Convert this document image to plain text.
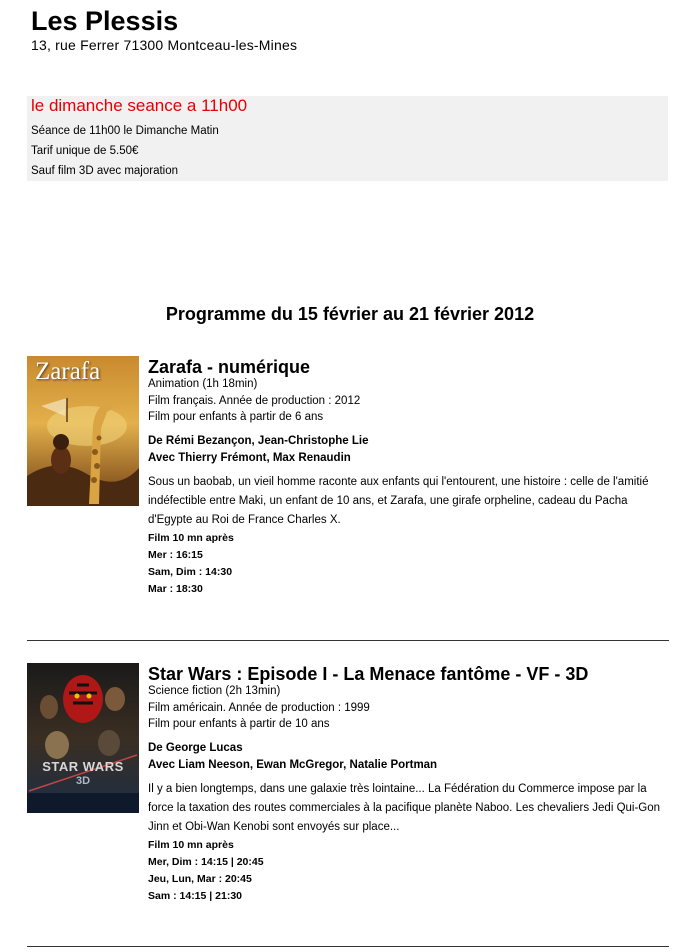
Les Plessis

13, rue Ferrer 71300 Montceau-les-Mines

le dimanche seance a 11h00
Séance de 11h00 le Dimanche Matin
Tarif unique de 5.50€
Sauf film 3D avec majoration
Programme du 15 février au 21 février 2012
Zarafa	Zarafa - numérique
Animation (1h 18min)
Film français. Année de production : 2012
Film pour enfants à partir de 6 ans
De Rémi Bezançon, Jean-Christophe Lie
Avec Thierry Frémont, Max Renaudin
Sous un baobab, un vieil homme raconte aux enfants qui l'entourent, une histoire : celle de l'amitié indéfectible entre Maki, un enfant de 10 ans, et Zarafa, une girafe orpheline, cadeau du Pacha d'Egypte au Roi de France Charles X.
Film 10 mn après
Mer : 16:15
Sam, Dim : 14:30
Mar : 18:30
STAR WARS
3D
Star Wars : Episode I - La Menace fantôme - VF - 3D
Science fiction (2h 13min)
Film américain. Année de production : 1999
Film pour enfants à partir de 10 ans
De George Lucas
Avec Liam Neeson, Ewan McGregor, Natalie Portman
Il y a bien longtemps, dans une galaxie très lointaine... La Fédération du Commerce impose par la force la taxation des routes commerciales à la pacifique planète Naboo. Les chevaliers Jedi Qui-Gon Jinn et Obi-Wan Kenobi sont envoyés sur place...
Film 10 mn après
Mer, Dim : 14:15 | 20:45
Jeu, Lun, Mar : 20:45
Sam : 14:15 | 21:30
